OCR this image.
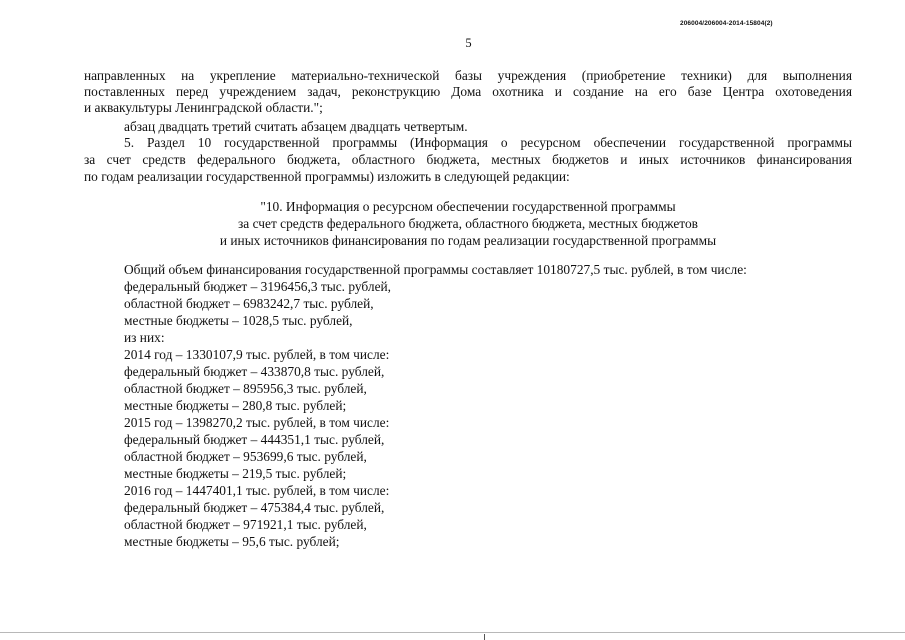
206004/206004-2014-15804(2)
5
направленных на укрепление материально-технической базы учреждения (приобретение техники) для выполнения
поставленных перед учреждением задач, реконструкцию Дома охотника и создание на его базе Центра охотоведения
и аквакультуры Ленинградской области.";
абзац двадцать третий считать абзацем двадцать четвертым.
5. Раздел 10 государственной программы (Информация о ресурсном обеспечении государственной программы
за счет средств федерального бюджета, областного бюджета, местных бюджетов и иных источников финансирования
по годам реализации государственной программы) изложить в следующей редакции:
"10. Информация о ресурсном обеспечении государственной программы
за счет средств федерального бюджета, областного бюджета, местных бюджетов
и иных источников финансирования по годам реализации государственной программы
Общий объем финансирования государственной программы составляет 10180727,5 тыс. рублей, в том числе:
федеральный бюджет – 3196456,3 тыс. рублей,
областной бюджет – 6983242,7 тыс. рублей,
местные бюджеты – 1028,5 тыс. рублей,
из них:
2014 год – 1330107,9 тыс. рублей, в том числе:
федеральный бюджет – 433870,8 тыс. рублей,
областной бюджет – 895956,3 тыс. рублей,
местные бюджеты – 280,8 тыс. рублей;
2015 год – 1398270,2 тыс. рублей, в том числе:
федеральный бюджет – 444351,1 тыс. рублей,
областной бюджет – 953699,6 тыс. рублей,
местные бюджеты – 219,5 тыс. рублей;
2016 год – 1447401,1 тыс. рублей, в том числе:
федеральный бюджет – 475384,4 тыс. рублей,
областной бюджет – 971921,1 тыс. рублей,
местные бюджеты – 95,6 тыс. рублей;
